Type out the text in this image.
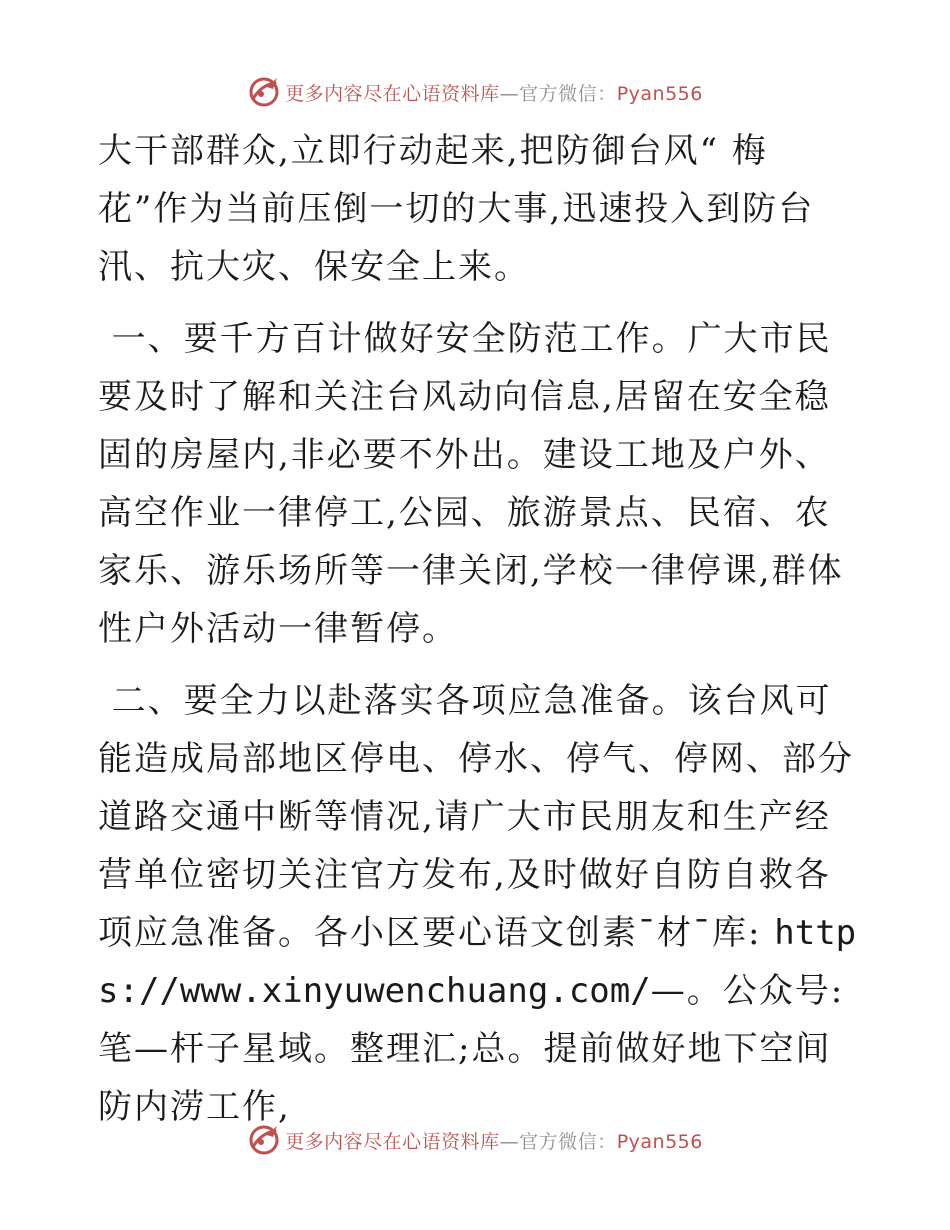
更多内容尽在心语资料库—官方微信：Pyan556

大干部群众,立即行动起来,把防御台风“ 梅花”作为当前压倒一切的大事,迅速投入到防台汛、抗大灾、保安全上来。

一、要千方百计做好安全防范工作。广大市民要及时了解和关注台风动向信息,居留在安全稳固的房屋内,非必要不外出。建设工地及户外、高空作业一律停工,公园、旅游景点、民宿、农家乐、游乐场所等一律关闭,学校一律停课,群体性户外活动一律暂停。

二、要全力以赴落实各项应急准备。该台风可能造成局部地区停电、停水、停气、停网、部分道路交通中断等情况,请广大市民朋友和生产经营单位密切关注官方发布,及时做好自防自救各项应急准备。各小区要心语文创素¯材¯库: https://www.xinyuwenchuang.com/—。公众号: 笔—杆子星域。整理汇;总。提前做好地下空间防内涝工作,

更多内容尽在心语资料库—官方微信：Pyan556
